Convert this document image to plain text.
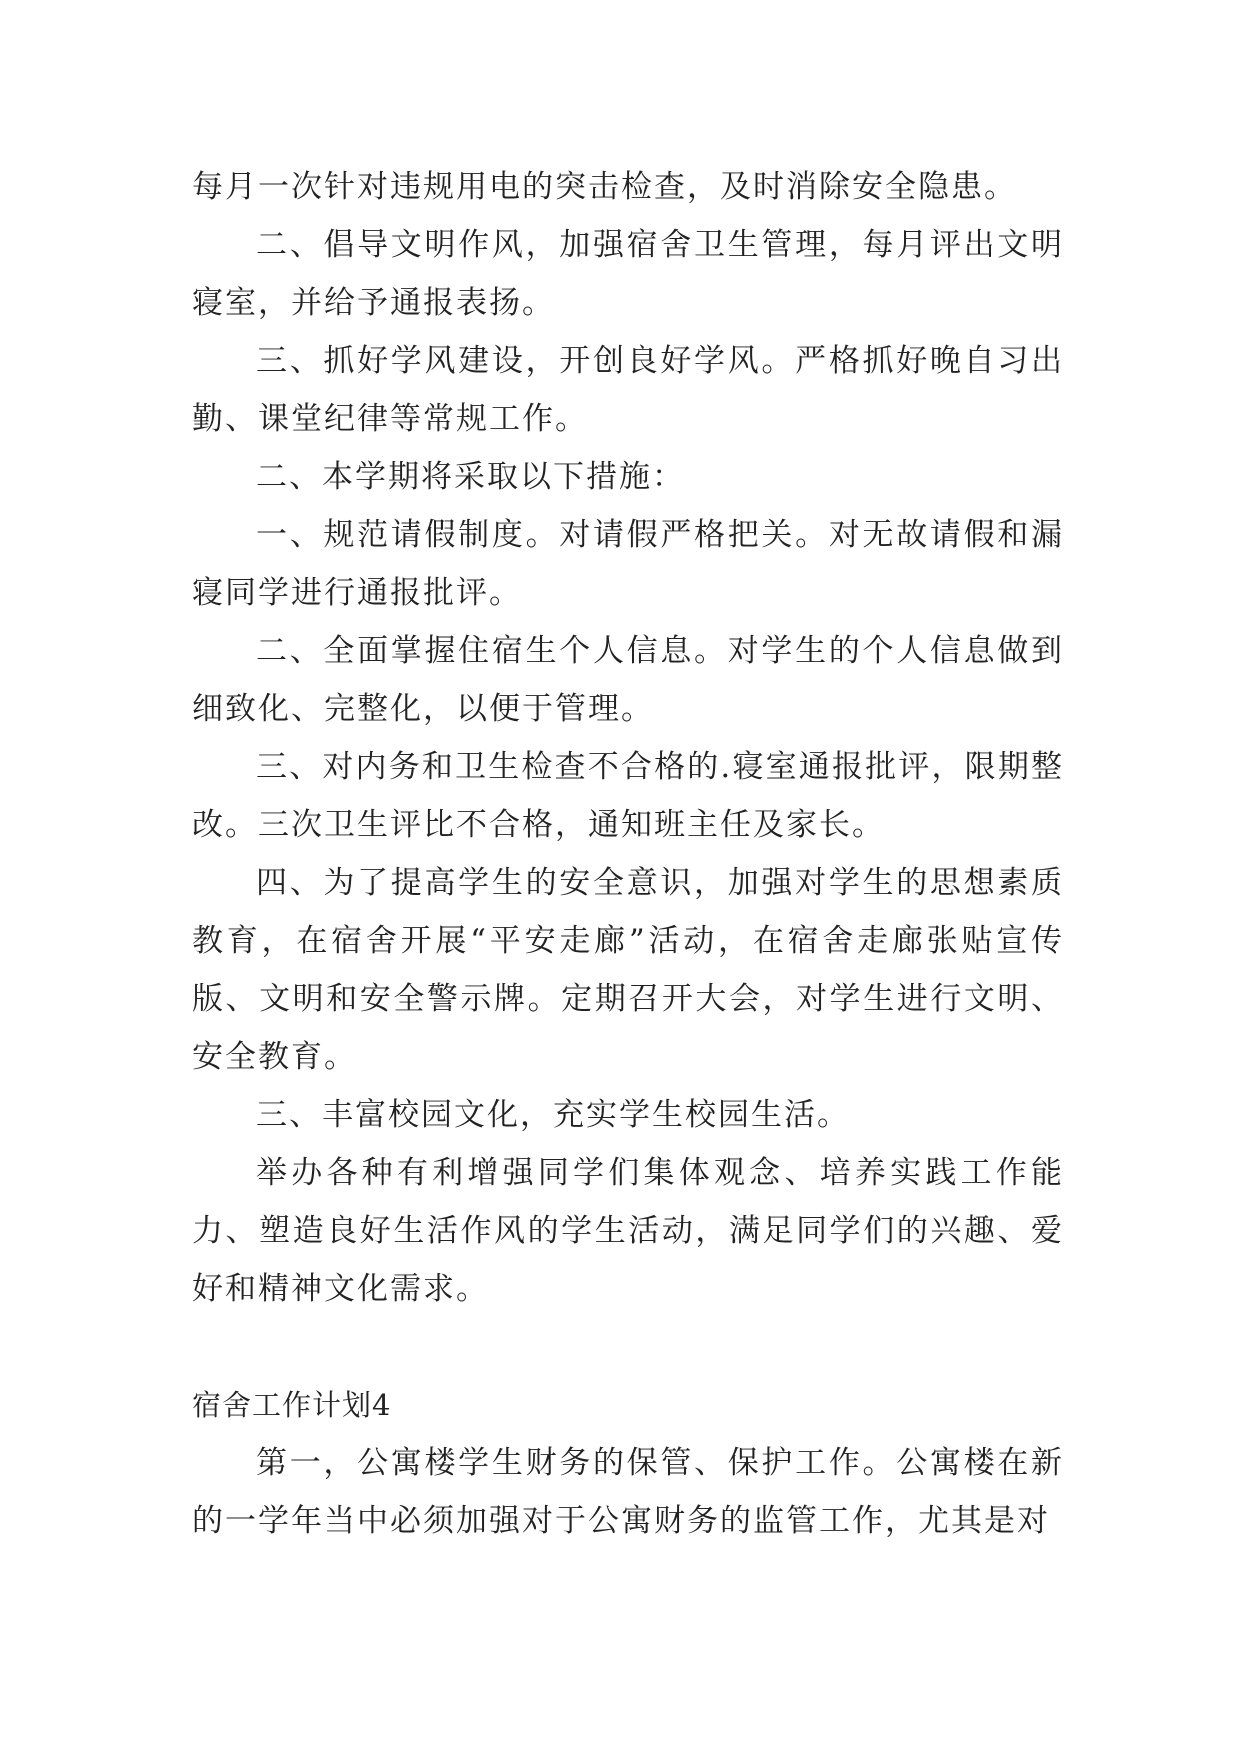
每月一次针对违规用电的突击检查，及时消除安全隐患。

二、倡导文明作风，加强宿舍卫生管理，每月评出文明寝室，并给予通报表扬。

三、抓好学风建设，开创良好学风。严格抓好晚自习出勤、课堂纪律等常规工作。

二、本学期将采取以下措施：

一、规范请假制度。对请假严格把关。对无故请假和漏寝同学进行通报批评。

二、全面掌握住宿生个人信息。对学生的个人信息做到细致化、完整化，以便于管理。

三、对内务和卫生检查不合格的.寝室通报批评，限期整改。三次卫生评比不合格，通知班主任及家长。

四、为了提高学生的安全意识，加强对学生的思想素质教育，在宿舍开展“平安走廊”活动，在宿舍走廊张贴宣传版、文明和安全警示牌。定期召开大会，对学生进行文明、安全教育。

三、丰富校园文化，充实学生校园生活。

举办各种有利增强同学们集体观念、培养实践工作能力、塑造良好生活作风的学生活动，满足同学们的兴趣、爱好和精神文化需求。

宿舍工作计划4

第一，公寓楼学生财务的保管、保护工作。公寓楼在新的一学年当中必须加强对于公寓财务的监管工作，尤其是对
